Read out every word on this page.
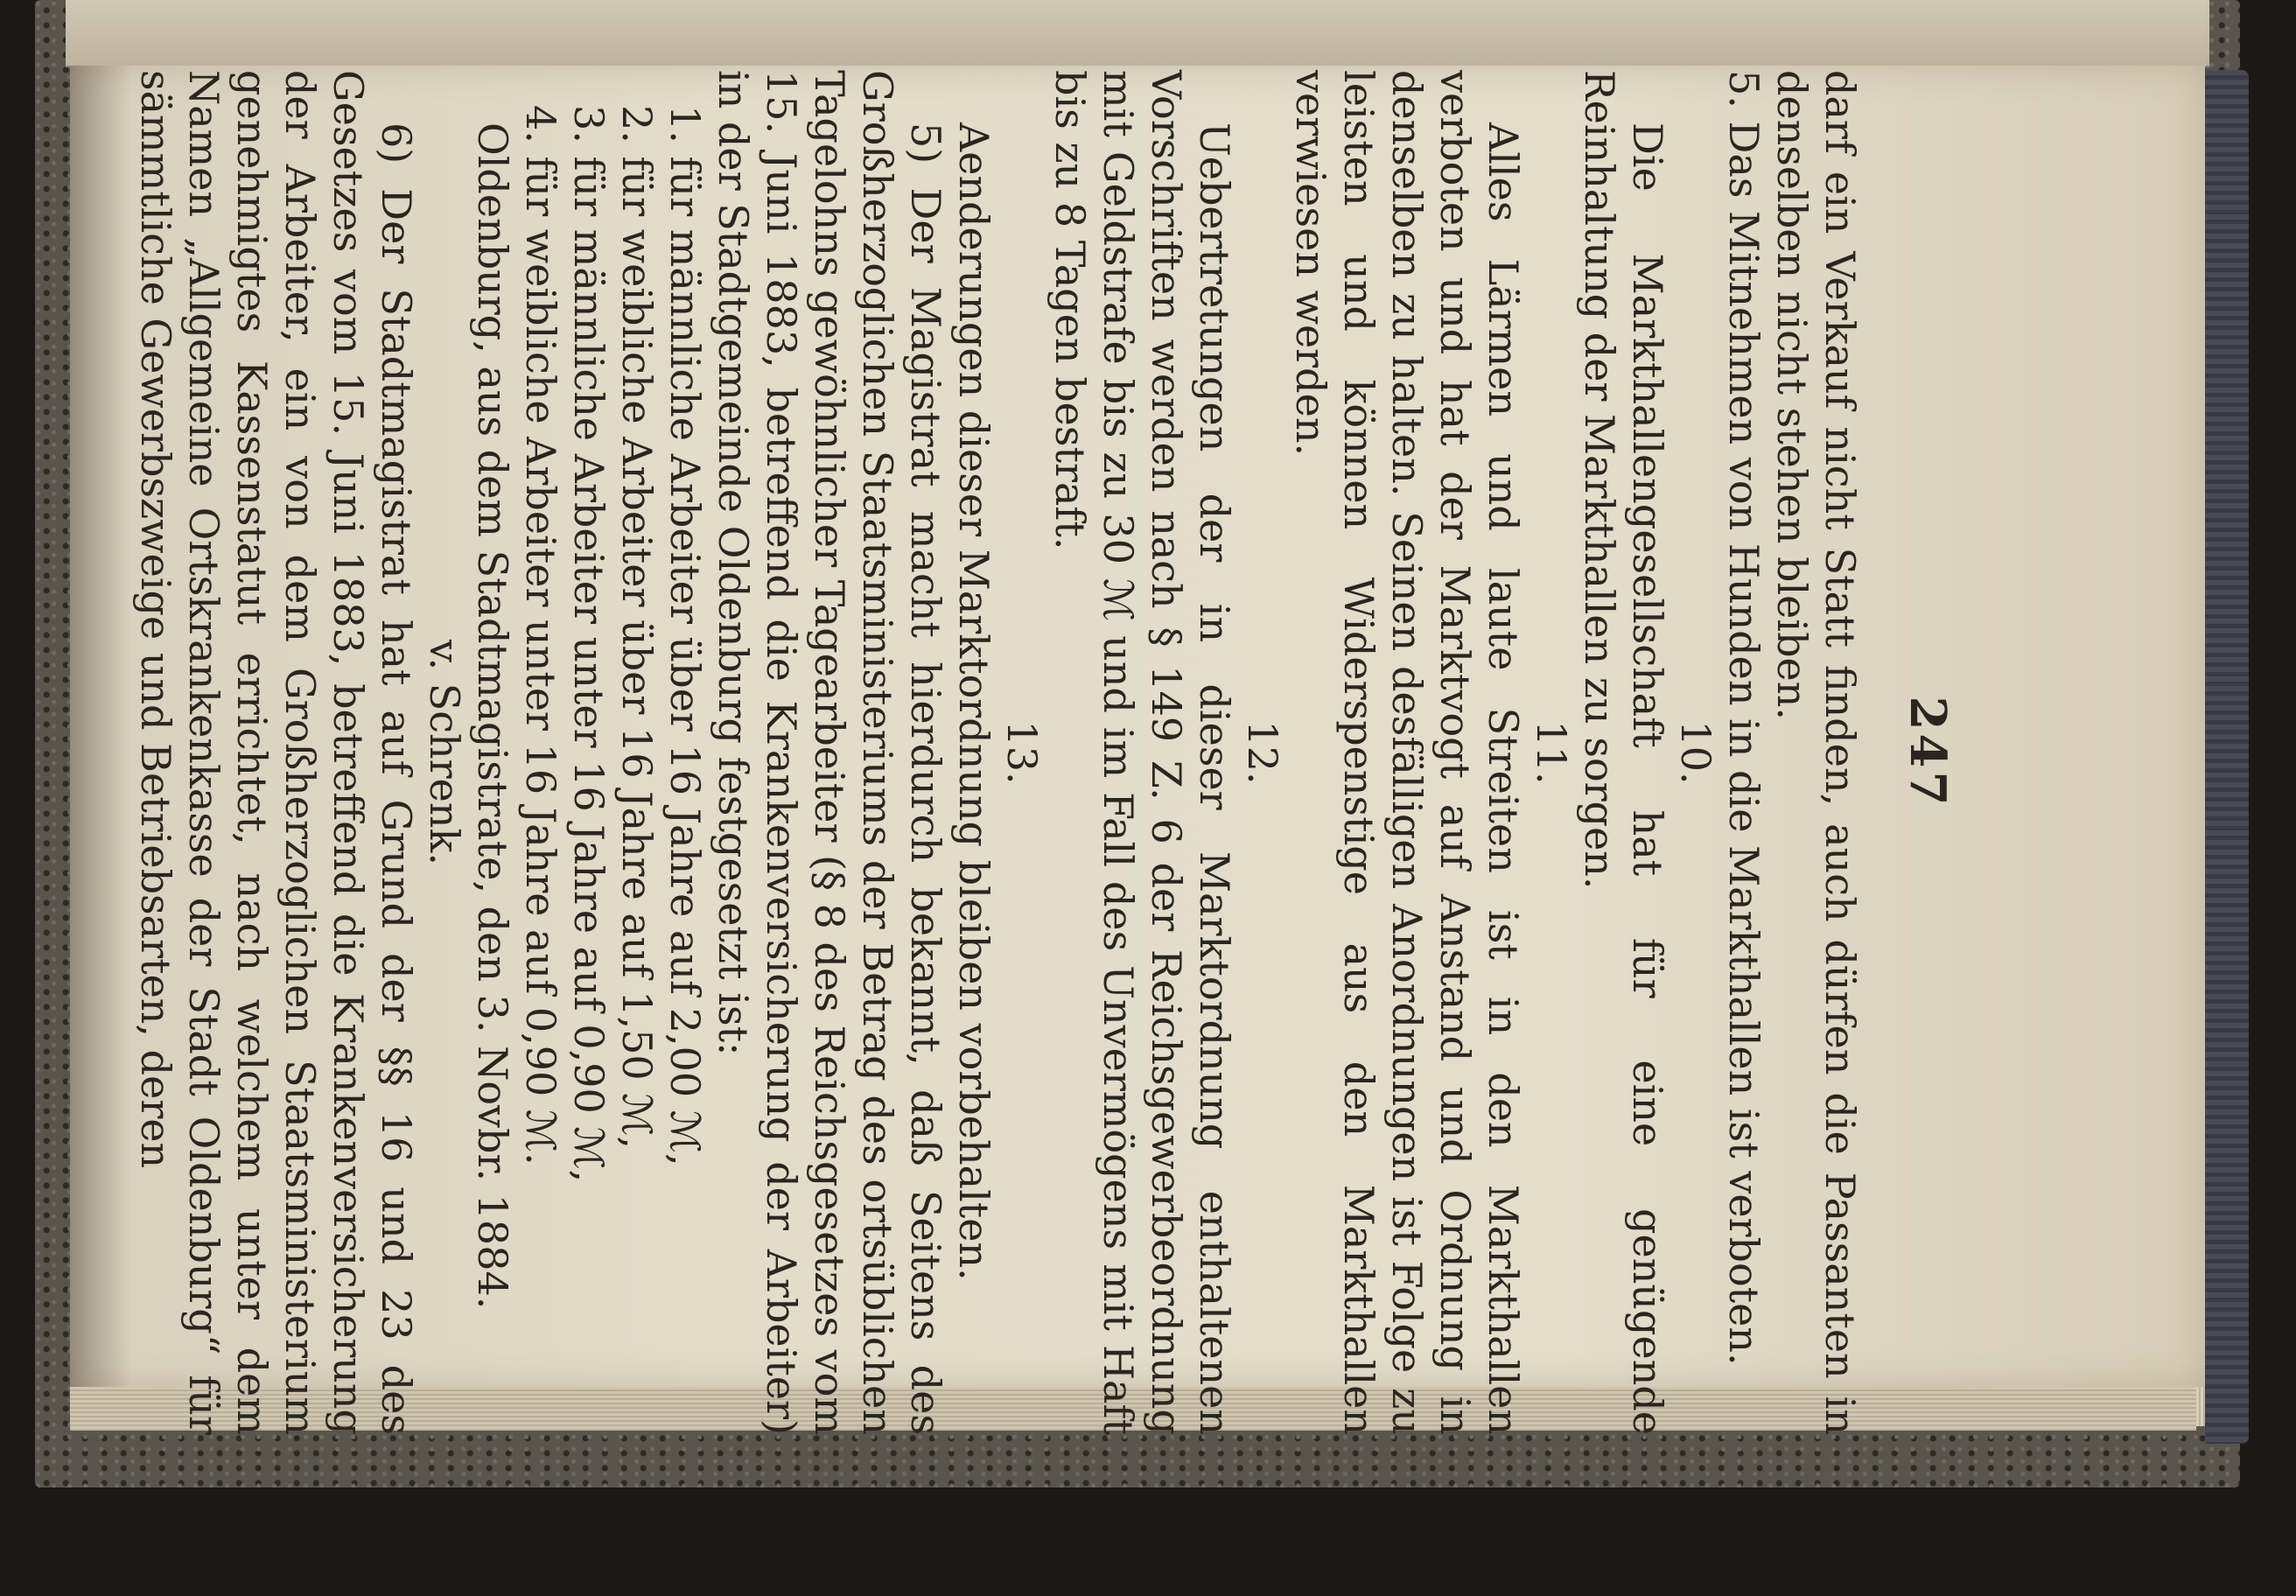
247

darf ein Verkauf nicht Statt finden, auch dürfen die Passanten in denselben nicht stehen bleiben.

5. Das Mitnehmen von Hunden in die Markthallen ist verboten.

10.

Die Markthallengesellschaft hat für eine genügende Reinhaltung der Markthallen zu sorgen.

11.

Alles Lärmen und laute Streiten ist in den Markthallen verboten und hat der Marktvogt auf Anstand und Ordnung in denselben zu halten. Seinen desfälligen Anordnungen ist Folge zu leisten und können Widerspenstige aus den Markthallen verwiesen werden.

12.

Uebertretungen der in dieser Marktordnung enthaltenen Vorschriften werden nach § 149 Z. 6 der Reichsgewerbeordnung mit Geldstrafe bis zu 30 ℳ und im Fall des Unvermögens mit Haft bis zu 8 Tagen bestraft.

13.

Aenderungen dieser Marktordnung bleiben vorbehalten.

5) Der Magistrat macht hierdurch bekannt, daß Seitens des Großherzoglichen Staatsministeriums der Betrag des ortsüblichen Tagelohns gewöhnlicher Tagearbeiter (§ 8 des Reichsgesetzes vom 15. Juni 1883, betreffend die Krankenversicherung der Arbeiter) in der Stadtgemeinde Oldenburg festgesetzt ist:

1. für männliche Arbeiter über 16 Jahre auf 2,00 ℳ,

2. für weibliche Arbeiter über 16 Jahre auf 1,50 ℳ,

3. für männliche Arbeiter unter 16 Jahre auf 0,90 ℳ,

4. für weibliche Arbeiter unter 16 Jahre auf 0,90 ℳ.

Oldenburg, aus dem Stadtmagistrate, den 3. Novbr. 1884.

v. Schrenk.

6) Der Stadtmagistrat hat auf Grund der §§ 16 und 23 des Gesetzes vom 15. Juni 1883, betreffend die Krankenversicherung der Arbeiter, ein von dem Großherzoglichen Staatsministerium genehmigtes Kassenstatut errichtet, nach welchem unter dem Namen „Allgemeine Ortskrankenkasse der Stadt Oldenburg“ für sämmtliche Gewerbszweige und Betriebsarten, deren
